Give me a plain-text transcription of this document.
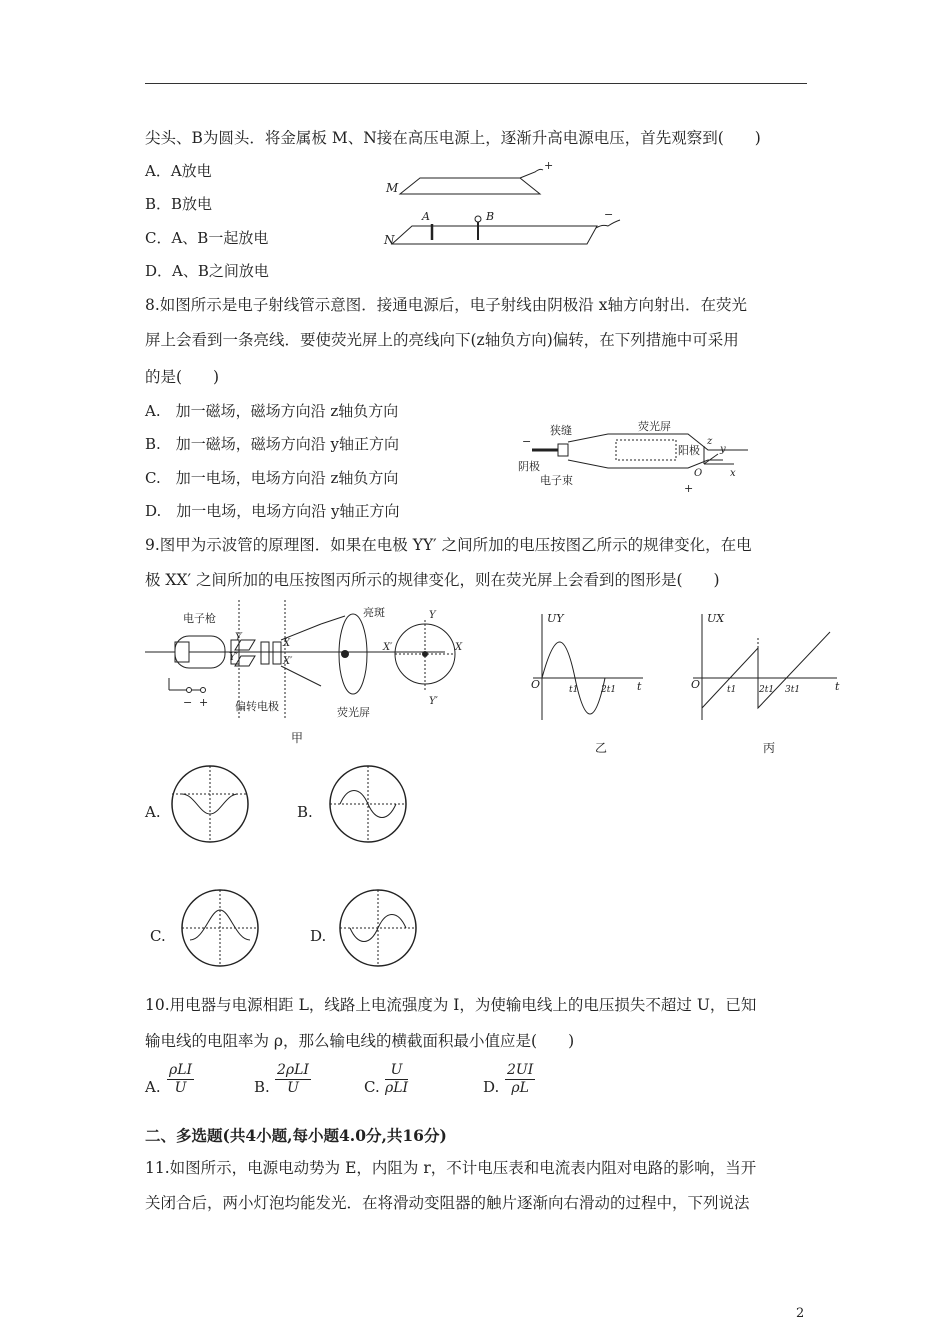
尖头、B为圆头．将金属板 M、N接在高压电源上，逐渐升高电源电压，首先观察到(　　)
A．A放电
B．B放电
C．A、B一起放电
D．A、B之间放电
+
M
−
N
A	B
8.如图所示是电子射线管示意图．接通电源后，电子射线由阴极沿 x轴方向射出．在荧光
屏上会看到一条亮线．要使荧光屏上的亮线向下(z轴负方向)偏转，在下列措施中可采用
的是(　　)
A.　加一磁场，磁场方向沿 z轴负方向
B.　加一磁场，磁场方向沿 y轴正方向
C.　加一电场，电场方向沿 z轴负方向
D.　加一电场，电场方向沿 y轴正方向
−
狭缝	荧光屏
阴极
电子束
阳极
+
O	x
y
z
9.图甲为示波管的原理图．如果在电极 YY′ 之间所加的电压按图乙所示的规律变化，在电
极 XX′ 之间所加的电压按图丙所示的规律变化，则在荧光屏上会看到的图形是(　　)
电子枪	亮斑
Y
Y′
X
X′
Y
Y′
X
X′
− + 偏转电极	荧光屏
甲
UY
O	t1	2t1 t
乙
UX
O	t1	2t1 3t1	t
丙
A.	B.
C.	D.
10.用电器与电源相距 L，线路上电流强度为 I，为使输电线上的电压损失不超过 U，已知
输电线的电阻率为 ρ，那么输电线的横截面积最小值应是(　　)
A.
ρLI
U	B.
2ρLI
U	C.
U
ρLI	D. $\frac{2UI}{\rho L}$
二、多选题(共4小题,每小题4.0分,共16分)
11.如图所示，电源电动势为 E，内阻为 r，不计电压表和电流表内阻对电路的影响，当开
关闭合后，两小灯泡均能发光．在将滑动变阻器的触片逐渐向右滑动的过程中，下列说法
2
